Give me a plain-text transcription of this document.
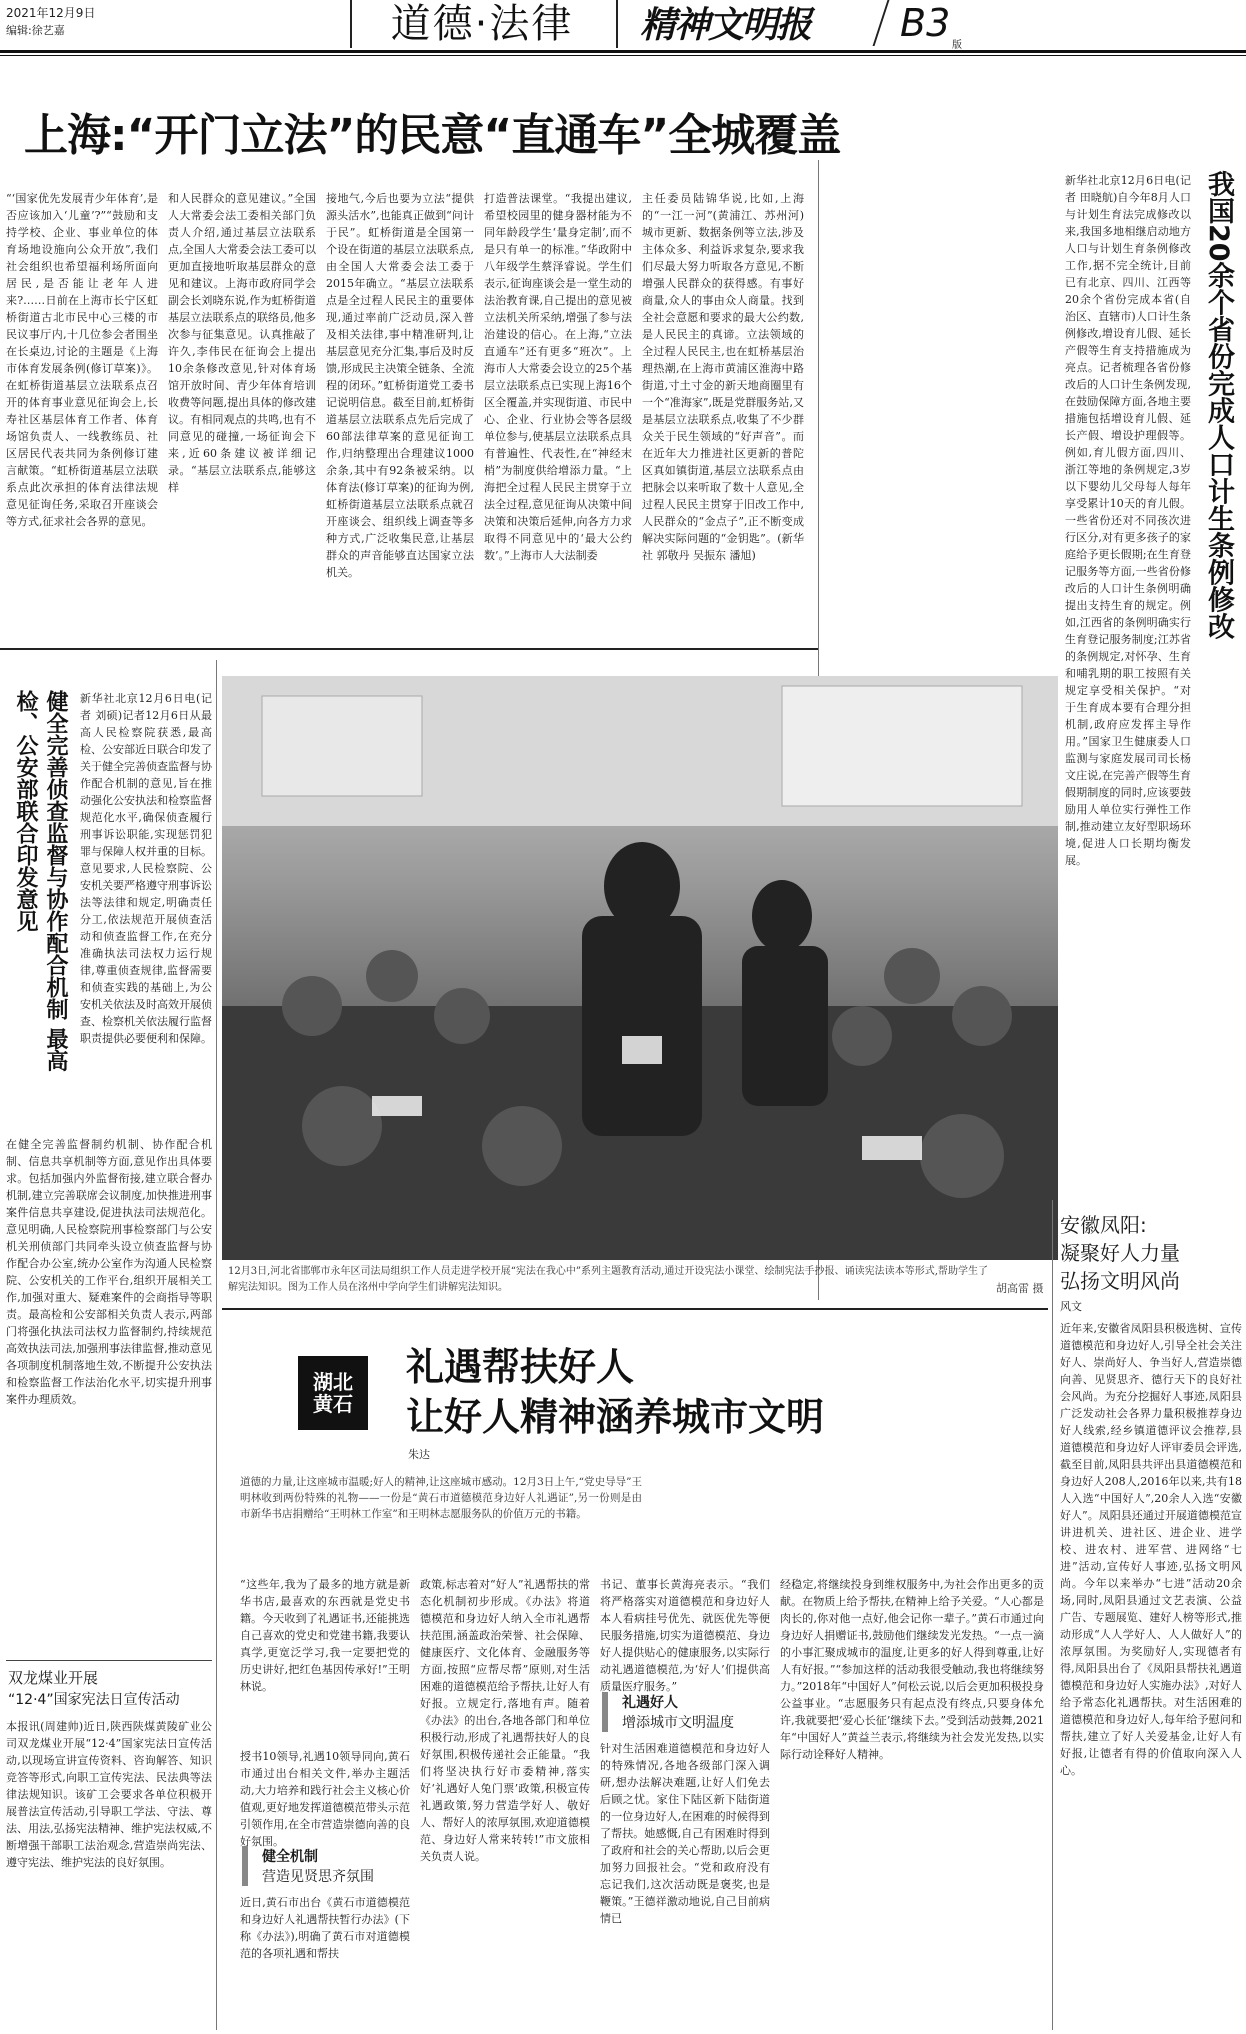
2021年12月9日
编辑:徐艺嘉	道德·法律	精神文明报 B3
版
上海:“开门立法”的民意“直通车”全城覆盖
“‘国家优先发展青少年体育’,是否应该加入‘儿童’?”“鼓励和支持学校、企业、事业单位的体育场地设施向公众开放”,我们社会组织也希望福利场所面向居民,是否能让老年人进来?……日前在上海市长宁区虹桥街道古北市民中心三楼的市民议事厅内,十几位参会者围坐在长桌边,讨论的主题是《上海市体育发展条例(修订草案)》。在虹桥街道基层立法联系点召开的体育事业意见征询会上,长寿社区基层体育工作者、体育场馆负责人、一线教练员、社区居民代表共同为条例修订建言献策。“虹桥街道基层立法联系点此次承担的体育法律法规意见征询任务,采取召开座谈会等方式,征求社会各界的意见。
和人民群众的意见建议。”全国人大常委会法工委相关部门负责人介绍,通过基层立法联系点,全国人大常委会法工委可以更加直接地听取基层群众的意见和建议。上海市政府同学会副会长刘晓东说,作为虹桥街道基层立法联系点的联络员,他多次参与征集意见。认真推敲了许久,李伟民在征询会上提出10余条修改意见,针对体育场馆开放时间、青少年体育培训收费等问题,提出具体的修改建议。有相同观点的共鸣,也有不同意见的碰撞,一场征询会下来,近60条建议被详细记录。“基层立法联系点,能够这样
接地气,今后也要为立法“提供源头活水”,也能真正做到“问计于民”。虹桥街道是全国第一个设在街道的基层立法联系点,由全国人大常委会法工委于2015年确立。“基层立法联系点是全过程人民民主的重要体现,通过率前广泛动员,深入普及相关法律,事中精准研判,让基层意见充分汇集,事后及时反馈,形成民主决策全链条、全流程的闭环。”虹桥街道党工委书记说明信息。截至目前,虹桥街道基层立法联系点先后完成了60部法律草案的意见征询工作,归纳整理出合理建议1000余条,其中有92条被采纳。以体育法(修订草案)的征询为例,虹桥街道基层立法联系点就召开座谈会、组织线上调查等多种方式,广泛收集民意,让基层群众的声音能够直达国家立法机关。
打造普法课堂。“我提出建议,希望校园里的健身器材能为不同年龄段学生‘量身定制’,而不是只有单一的标准。”华政附中八年级学生蔡泽睿说。学生们表示,征询座谈会是一堂生动的法治教育课,自己提出的意见被立法机关所采纳,增强了参与法治建设的信心。在上海,“立法直通车”还有更多“班次”。上海市人大常委会设立的25个基层立法联系点已实现上海16个区全覆盖,并实现街道、市民中心、企业、行业协会等各层级单位参与,使基层立法联系点具有普遍性、代表性,在“神经末梢”为制度供给增添力量。“上海把全过程人民民主贯穿于立法全过程,意见征询从决策中间决策和决策后延伸,向各方力求取得不同意见中的‘最大公约数’。”上海市人大法制委
主任委员陆锦华说,比如,上海的“一江一河”(黄浦江、苏州河)城市更新、数据条例等立法,涉及主体众多、利益诉求复杂,要求我们尽最大努力听取各方意见,不断增强人民群众的获得感。有事好商量,众人的事由众人商量。找到全社会意愿和要求的最大公约数,是人民民主的真谛。立法领域的全过程人民民主,也在虹桥基层治理热潮,在上海市黄浦区淮海中路街道,寸土寸金的新天地商圈里有一个“准海家”,既是党群服务站,又是基层立法联系点,收集了不少群众关于民生领域的“好声音”。而在近年大力推进社区更新的普陀区真如镇街道,基层立法联系点由把脉会以来听取了数十人意见,全过程人民民主贯穿于旧改工作中,人民群众的“金点子”,正不断变成解决实际问题的“金钥匙”。(新华社 郭敬丹 吴振东 潘旭)	我国20余个省份完成人口计生条例修改
新华社北京12月6日电(记者 田晓航)自今年8月人口与计划生育法完成修改以来,我国多地相继启动地方人口与计划生育条例修改工作,据不完全统计,目前已有北京、四川、江西等20余个省份完成本省(自治区、直辖市)人口计生条例修改,增设育儿假、延长产假等生育支持措施成为亮点。记者梳理各省份修改后的人口计生条例发现,在鼓励保障方面,各地主要措施包括增设育儿假、延长产假、增设护理假等。例如,育儿假方面,四川、浙江等地的条例规定,3岁以下婴幼儿父母每人每年享受累计10天的育儿假。一些省份还对不同孩次进行区分,对有更多孩子的家庭给予更长假期;在生育登记服务等方面,一些省份修改后的人口计生条例明确提出支持生育的规定。例如,江西省的条例明确实行生育登记服务制度;江苏省的条例规定,对怀孕、生育和哺乳期的职工按照有关规定享受相关保护。“对于生育成本要有合理分担机制,政府应发挥主导作用。”国家卫生健康委人口监测与家庭发展司司长杨文庄说,在完善产假等生育假期制度的同时,应该要鼓励用人单位实行弹性工作制,推动建立友好型职场环境,促进人口长期均衡发展。
健全完善侦查监督与协作配合机制 最高检、公安部联合印发意见	新华社北京12月6日电(记者 刘硕)记者12月6日从最高人民检察院获悉,最高检、公安部近日联合印发了关于健全完善侦查监督与协作配合机制的意见,旨在推动强化公安执法和检察监督规范化水平,确保侦查履行刑事诉讼职能,实现惩罚犯罪与保障人权并重的目标。意见要求,人民检察院、公安机关要严格遵守刑事诉讼法等法律和规定,明确责任分工,依法规范开展侦查活动和侦查监督工作,在充分准确执法司法权力运行规律,尊重侦查规律,监督需要和侦查实践的基础上,为公安机关依法及时高效开展侦查、检察机关依法履行监督职责提供必要便利和保障。
在健全完善监督制约机制、协作配合机制、信息共享机制等方面,意见作出具体要求。包括加强内外监督衔接,建立联合督办机制,建立完善联席会议制度,加快推进刑事案件信息共享建设,促进执法司法规范化。意见明确,人民检察院刑事检察部门与公安机关刑侦部门共同牵头设立侦查监督与协作配合办公室,统办公室作为沟通人民检察院、公安机关的工作平台,组织开展相关工作,加强对重大、疑难案件的会商指导等职责。最高检和公安部相关负责人表示,两部门将强化执法司法权力监督制约,持续规范高效执法司法,加强刑事法律监督,推动意见各项制度机制落地生效,不断提升公安执法和检察监督工作法治化水平,切实提升刑事案件办理质效。
12月3日,河北省邯郸市永年区司法局组织工作人员走进学校开展“宪法在我心中”系列主题教育活动,通过开设宪法小课堂、绘制宪法手抄报、诵读宪法读本等形式,帮助学生了解宪法知识。图为工作人员在洺州中学向学生们讲解宪法知识。	胡高雷 摄
安徽凤阳:
凝聚好人力量
弘扬文明风尚
风文
近年来,安徽省凤阳县积极选树、宣传道德模范和身边好人,引导全社会关注好人、崇尚好人、争当好人,营造崇德向善、见贤思齐、德行天下的良好社会风尚。为充分挖掘好人事迹,凤阳县广泛发动社会各界力量积极推荐身边好人线索,经乡镇道德评议会推荐,县道德模范和身边好人评审委员会评选,截至目前,凤阳县共评出县道德模范和身边好人208人,2016年以来,共有18人入选“中国好人”,20余人入选“安徽好人”。凤阳县还通过开展道德模范宣讲进机关、进社区、进企业、进学校、进农村、进军营、进网络“七进”活动,宣传好人事迹,弘扬文明风尚。今年以来举办“七进”活动20余场,同时,凤阳县通过文艺表演、公益广告、专题展览、建好人榜等形式,推动形成“人人学好人、人人做好人”的浓厚氛围。为奖励好人,实现德者有得,凤阳县出台了《凤阳县帮扶礼遇道德模范和身边好人实施办法》,对好人给予常态化礼遇帮扶。对生活困难的道德模范和身边好人,每年给予慰问和帮扶,建立了好人关爱基金,让好人有好报,让德者有得的价值取向深入人心。
湖北黄石
礼遇帮扶好人
让好人精神涵养城市文明
朱达
道德的力量,让这座城市温暖;好人的精神,让这座城市感动。12月3日上午,“党史导导”王明林收到两份特殊的礼物——一份是“黄石市道德模范身边好人礼遇证”,另一份则是由市新华书店捐赠给“王明林工作室”和王明林志愿服务队的价值万元的书籍。
“这些年,我为了最多的地方就是新华书店,最喜欢的东西就是党史书籍。今天收到了礼遇证书,还能挑选自己喜欢的党史和党建书籍,我要认真学,更宽泛学习,我一定要把党的历史讲好,把红色基因传承好!”王明林说。
授书10领导,礼遇10领导同向,黄石市通过出台相关文件,举办主题活动,大力培养和践行社会主义核心价值观,更好地发挥道德模范带头示范引领作用,在全市营造崇德向善的良好氛围。
健全机制
营造见贤思齐氛围
近日,黄石市出台《黄石市道德模范和身边好人礼遇帮扶暂行办法》(下称《办法》),明确了黄石市对道德模范的各项礼遇和帮扶
政策,标志着对“好人”礼遇帮扶的常态化机制初步形成。《办法》将道德模范和身边好人纳入全市礼遇帮扶范围,涵盖政治荣誉、社会保障、健康医疗、文化体育、金融服务等方面,按照“应帮尽帮”原则,对生活困难的道德模范给予帮扶,让好人有好报。立规定行,落地有声。随着《办法》的出台,各地各部门和单位积极行动,形成了礼遇帮扶好人的良好氛围,积极传递社会正能量。“我们将坚决执行好市委精神,落实好‘礼遇好人兔门票’政策,积极宣传礼遇政策,努力营造学好人、敬好人、帮好人的浓厚氛围,欢迎道德模范、身边好人常来转转!”市文旅相关负责人说。
书记、董事长黄海亮表示。“我们将严格落实对道德模范和身边好人本人看病挂号优先、就医优先等便民服务措施,切实为道德模范、身边好人提供贴心的健康服务,以实际行动礼遇道德模范,为‘好人’们提供高质量医疗服务。”
礼遇好人
增添城市文明温度
针对生活困难道德模范和身边好人的特殊情况,各地各级部门深入调研,想办法解决难题,让好人们免去后顾之忧。家住下陆区新下陆街道的一位身边好人,在困难的时候得到了帮扶。她感慨,自己有困难时得到了政府和社会的关心帮助,以后会更加努力回报社会。“党和政府没有忘记我们,这次活动既是褒奖,也是鞭策。”王德祥激动地说,自己目前病情已
经稳定,将继续投身到维权服务中,为社会作出更多的贡献。在物质上给予帮扶,在精神上给予关爱。“人心都是肉长的,你对他一点好,他会记你一辈子。”黄石市通过向身边好人捐赠证书,鼓励他们继续发光发热。“一点一滴的小事汇聚成城市的温度,让更多的好人得到尊重,让好人有好报。”“参加这样的活动我很受触动,我也将继续努力。”2018年“中国好人”何松云说,以后会更加积极投身公益事业。“志愿服务只有起点没有终点,只要身体允许,我就要把‘爱心长征’继续下去。”受到活动鼓舞,2021年“中国好人”黄益兰表示,将继续为社会发光发热,以实际行动诠释好人精神。
双龙煤业开展
“12·4”国家宪法日宣传活动
本报讯(周建帅)近日,陕西陕煤黄陵矿业公司双龙煤业开展“12·4”国家宪法日宣传活动,以现场宣讲宣传资料、咨询解答、知识竞答等形式,向职工宣传宪法、民法典等法律法规知识。该矿工会要求各单位积极开展普法宣传活动,引导职工学法、守法、尊法、用法,弘扬宪法精神、维护宪法权威,不断增强干部职工法治观念,营造崇尚宪法、遵守宪法、维护宪法的良好氛围。
